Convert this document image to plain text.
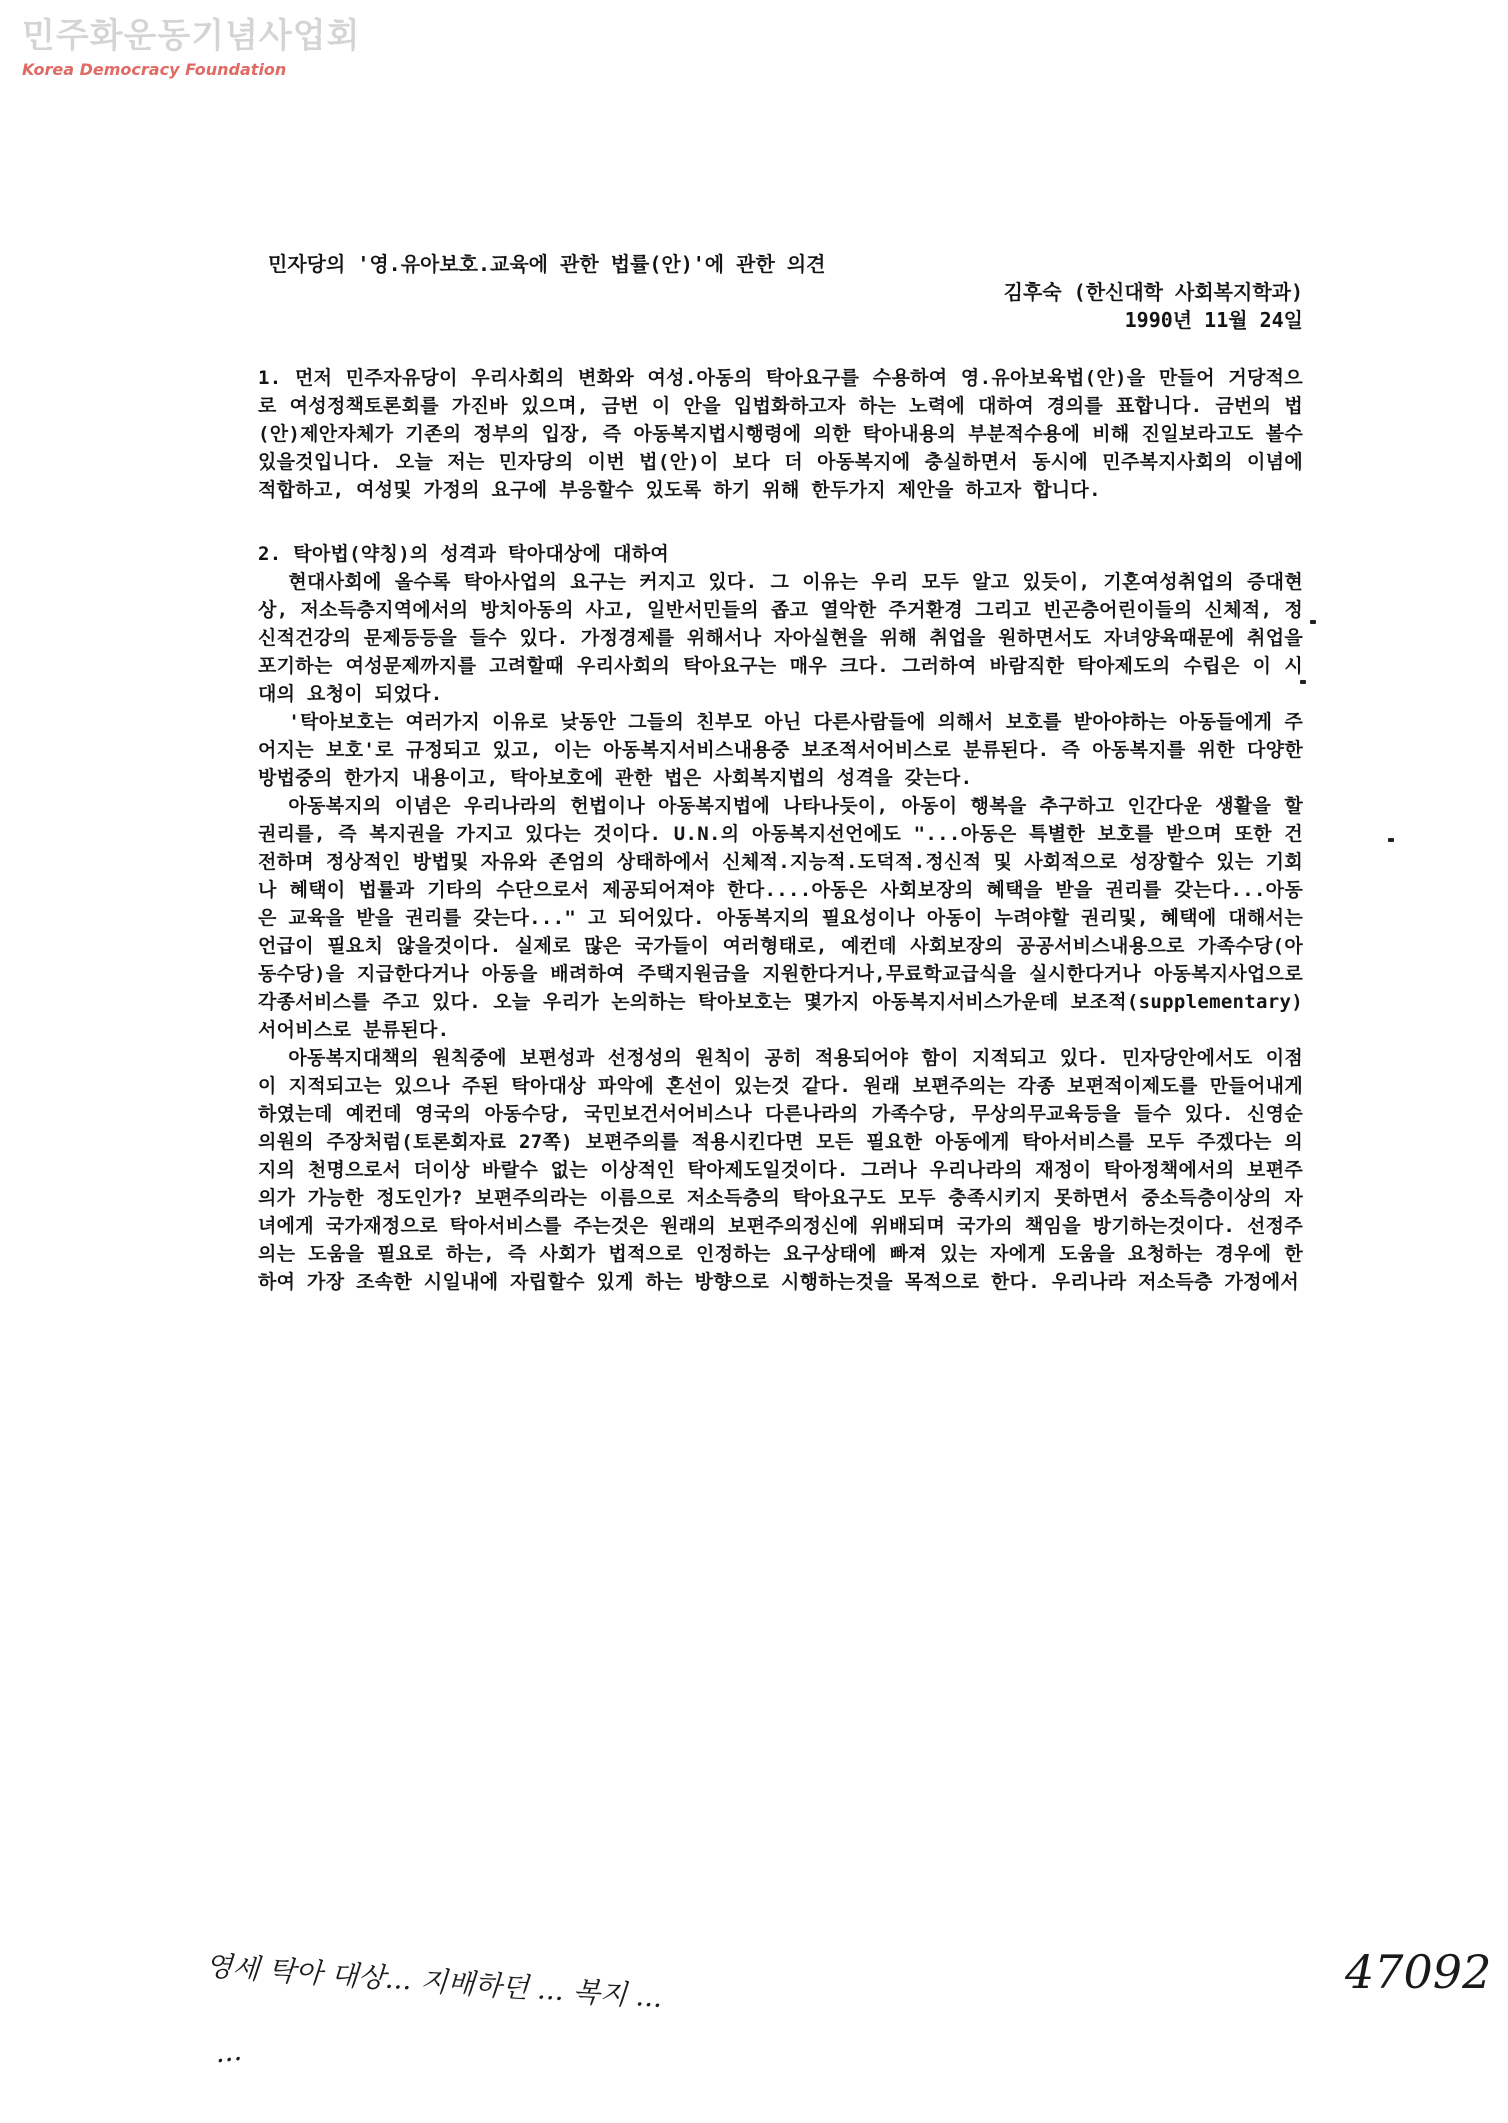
민주화운동기념사업회
Korea Democracy Foundation
민자당의 '영.유아보호.교육에 관한 법률(안)'에 관한 의견
김후숙 (한신대학 사회복지학과)
1990년 11월 24일

1. 먼저 민주자유당이 우리사회의 변화와 여성.아동의 탁아요구를 수용하여 영.유아보육법(안)을 만들어 거당적으로 여성정책토론회를 가진바 있으며, 금번 이 안을 입법화하고자 하는 노력에 대하여 경의를 표합니다. 금번의 법(안)제안자체가 기존의 정부의 입장, 즉 아동복지법시행령에 의한 탁아내용의 부분적수용에 비해 진일보라고도 볼수 있을것입니다. 오늘 저는 민자당의 이번 법(안)이 보다 더 아동복지에 충실하면서 동시에 민주복지사회의 이념에 적합하고, 여성및 가정의 요구에 부응할수 있도록 하기 위해 한두가지 제안을 하고자 합니다.

2. 탁아법(약칭)의 성격과 탁아대상에 대하여

현대사회에 올수록 탁아사업의 요구는 커지고 있다. 그 이유는 우리 모두 알고 있듯이, 기혼여성취업의 증대현상, 저소득층지역에서의 방치아동의 사고, 일반서민들의 좁고 열악한 주거환경 그리고 빈곤층어린이들의 신체적, 정신적건강의 문제등등을 들수 있다. 가정경제를 위해서나 자아실현을 위해 취업을 원하면서도 자녀양육때문에 취업을 포기하는 여성문제까지를 고려할때 우리사회의 탁아요구는 매우 크다. 그러하여 바람직한 탁아제도의 수립은 이 시대의 요청이 되었다.

'탁아보호는 여러가지 이유로 낮동안 그들의 친부모 아닌 다른사람들에 의해서 보호를 받아야하는 아동들에게 주어지는 보호'로 규정되고 있고, 이는 아동복지서비스내용중 보조적서어비스로 분류된다. 즉 아동복지를 위한 다양한 방법중의 한가지 내용이고, 탁아보호에 관한 법은 사회복지법의 성격을 갖는다.

아동복지의 이념은 우리나라의 헌법이나 아동복지법에 나타나듯이, 아동이 행복을 추구하고 인간다운 생활을 할 권리를, 즉 복지권을 가지고 있다는 것이다. U.N.의 아동복지선언에도 "...아동은 특별한 보호를 받으며 또한 건전하며 정상적인 방법및 자유와 존엄의 상태하에서 신체적.지능적.도덕적.정신적 및 사회적으로 성장할수 있는 기회나 혜택이 법률과 기타의 수단으로서 제공되어져야 한다....아동은 사회보장의 혜택을 받을 권리를 갖는다...아동은 교육을 받을 권리를 갖는다..." 고 되어있다. 아동복지의 필요성이나 아동이 누려야할 권리및, 혜택에 대해서는 언급이 필요치 않을것이다. 실제로 많은 국가들이 여러형태로, 예컨데 사회보장의 공공서비스내용으로 가족수당(아동수당)을 지급한다거나 아동을 배려하여 주택지원금을 지원한다거나,무료학교급식을 실시한다거나 아동복지사업으로 각종서비스를 주고 있다. 오늘 우리가 논의하는 탁아보호는 몇가지 아동복지서비스가운데 보조적(supplementary)서어비스로 분류된다.

아동복지대책의 원칙중에 보편성과 선정성의 원칙이 공히 적용되어야 함이 지적되고 있다. 민자당안에서도 이점이 지적되고는 있으나 주된 탁아대상 파악에 혼선이 있는것 같다. 원래 보편주의는 각종 보편적이제도를 만들어내게 하였는데 예컨데 영국의 아동수당, 국민보건서어비스나 다른나라의 가족수당, 무상의무교육등을 들수 있다. 신영순의원의 주장처럼(토론회자료 27쪽) 보편주의를 적용시킨다면 모든 필요한 아동에게 탁아서비스를 모두 주겠다는 의지의 천명으로서 더이상 바랄수 없는 이상적인 탁아제도일것이다. 그러나 우리나라의 재정이 탁아정책에서의 보편주의가 가능한 정도인가? 보편주의라는 이름으로 저소득층의 탁아요구도 모두 충족시키지 못하면서 중소득층이상의 자녀에게 국가재정으로 탁아서비스를 주는것은 원래의 보편주의정신에 위배되며 국가의 책임을 방기하는것이다. 선정주의는 도움을 필요로 하는, 즉 사회가 법적으로 인정하는 요구상태에 빠져 있는 자에게 도움을 요청하는 경우에 한하여 가장 조속한 시일내에 자립할수 있게 하는 방향으로 시행하는것을 목적으로 한다. 우리나라 저소득층 가정에서

영세 탁아 대상... 지배하던 ... 복지 ...
...
47092
